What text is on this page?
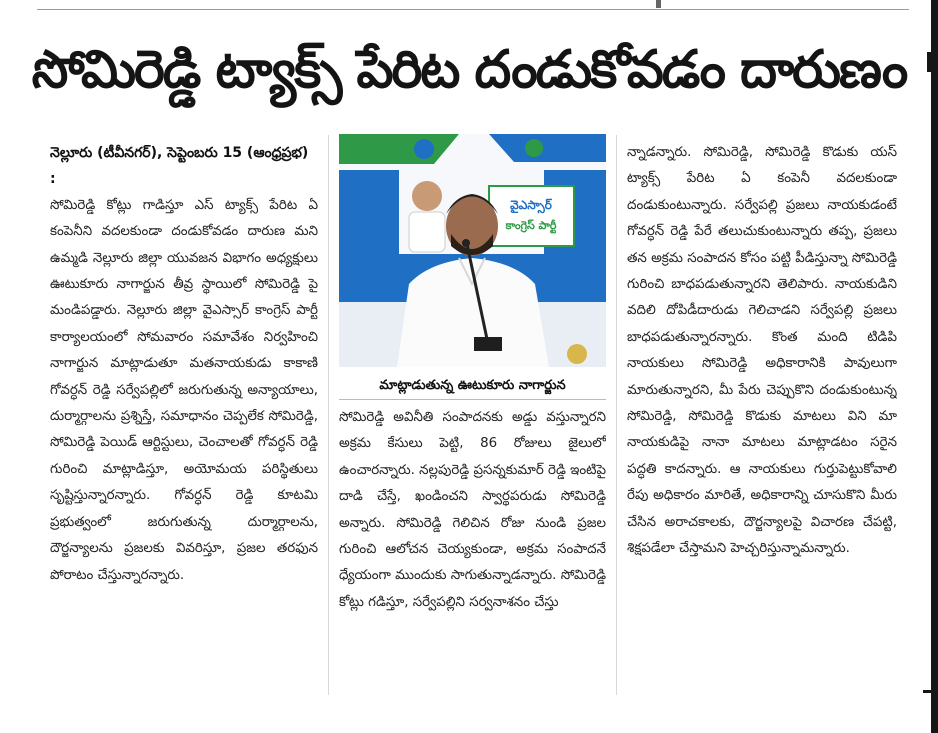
సోమిరెడ్డి ట్యాక్స్ పేరిట దండుకోవడం దారుణం

నెల్లూరు (టీవీనగర్), సెప్టెంబరు 15 (ఆంధ్రప్రభ) :

సోమిరెడ్డి కోట్లు గాడిస్తూ ఎస్ ట్యాక్స్ పేరిట ఏ కంపెనీని వదలకుండా దండుకోవడం దారుణ మని ఉమ్మడి నెల్లూరు జిల్లా యువజన విభాగం అధ్యక్షులు ఊటుకూరు నాగార్జున తీవ్ర స్థాయిలో సోమిరెడ్డి పై మండిపడ్డారు. నెల్లూరు జిల్లా వైఎస్సార్ కాంగ్రెస్ పార్టీ కార్యాలయంలో సోమవారం సమావేశం నిర్వహించి నాగార్జున మాట్లాడుతూ మతనాయకుడు కాకాణి గోవర్ధన్ రెడ్డి సర్వేపల్లిలో జరుగుతున్న అన్యాయాలు, దుర్మార్గాలను ప్రశ్నిస్తే, సమాధానం చెప్పలేక సోమిరెడ్డి, సోమిరెడ్డి పెయిడ్ ఆర్టిస్టులు, చెంచాలతో గోవర్ధన్ రెడ్డి గురించి మాట్లాడిస్తూ, అయోమయ పరిస్థితులు సృష్టిస్తున్నారన్నారు. గోవర్ధన్ రెడ్డి కూటమి ప్రభుత్వంలో జరుగుతున్న దుర్మార్గాలను, దౌర్జన్యాలను ప్రజలకు వివరిస్తూ, ప్రజల తరఫున పోరాటం చేస్తున్నారన్నారు.

వైఎస్సార్
కాంగ్రెస్ పార్టీ
మాట్లాడుతున్న ఊటుకూరు నాగార్జున

సోమిరెడ్డి అవినీతి సంపాదనకు అడ్డు వస్తున్నారని అక్రమ కేసులు పెట్టి, 86 రోజులు జైలులో ఉంచారన్నారు. నల్లపురెడ్డి ప్రసన్నకుమార్ రెడ్డి ఇంటిపై దాడి చేస్తే, ఖండించని స్వార్థపరుడు సోమిరెడ్డి అన్నారు. సోమిరెడ్డి గెలిచిన రోజు నుండి ప్రజల గురించి ఆలోచన చెయ్యకుండా, అక్రమ సంపాదనే ధ్యేయంగా ముందుకు సాగుతున్నాడన్నారు. సోమిరెడ్డి కోట్లు గడిస్తూ, సర్వేపల్లిని సర్వనాశనం చేస్తు

న్నాడన్నారు. సోమిరెడ్డి, సోమిరెడ్డి కొడుకు యస్ ట్యాక్స్ పేరిట ఏ కంపెనీ వదలకుండా దండుకుంటున్నారు. సర్వేపల్లి ప్రజలు నాయకుడంటే గోవర్ధన్ రెడ్డి పేరే తలుచుకుంటున్నారు తప్ప, ప్రజలు తన అక్రమ సంపాదన కోసం పట్టి పీడిస్తున్నా సోమిరెడ్డి గురించి బాధపడుతున్నారని తెలిపారు. నాయకుడిని వదిలి దోపిడీదారుడు గెలిచాడని సర్వేపల్లి ప్రజలు బాధపడుతున్నారన్నారు. కొంత మంది టిడిపి నాయకులు సోమిరెడ్డి అధికారానికి పావులుగా మారుతున్నారని, మీ పేరు చెప్పుకొని దండుకుంటున్న సోమిరెడ్డి, సోమిరెడ్డి కొడుకు మాటలు విని మా నాయకుడిపై నానా మాటలు మాట్లాడటం సరైన పద్ధతి కాదన్నారు. ఆ నాయకులు గుర్తుపెట్టుకోవాలి రేపు అధికారం మారితే, అధికారాన్ని చూసుకొని మీరు చేసిన అరాచకాలకు, దౌర్జన్యాలపై విచారణ చేపట్టి, శిక్షపడేలా చేస్తామని హెచ్చరిస్తున్నామన్నారు.
